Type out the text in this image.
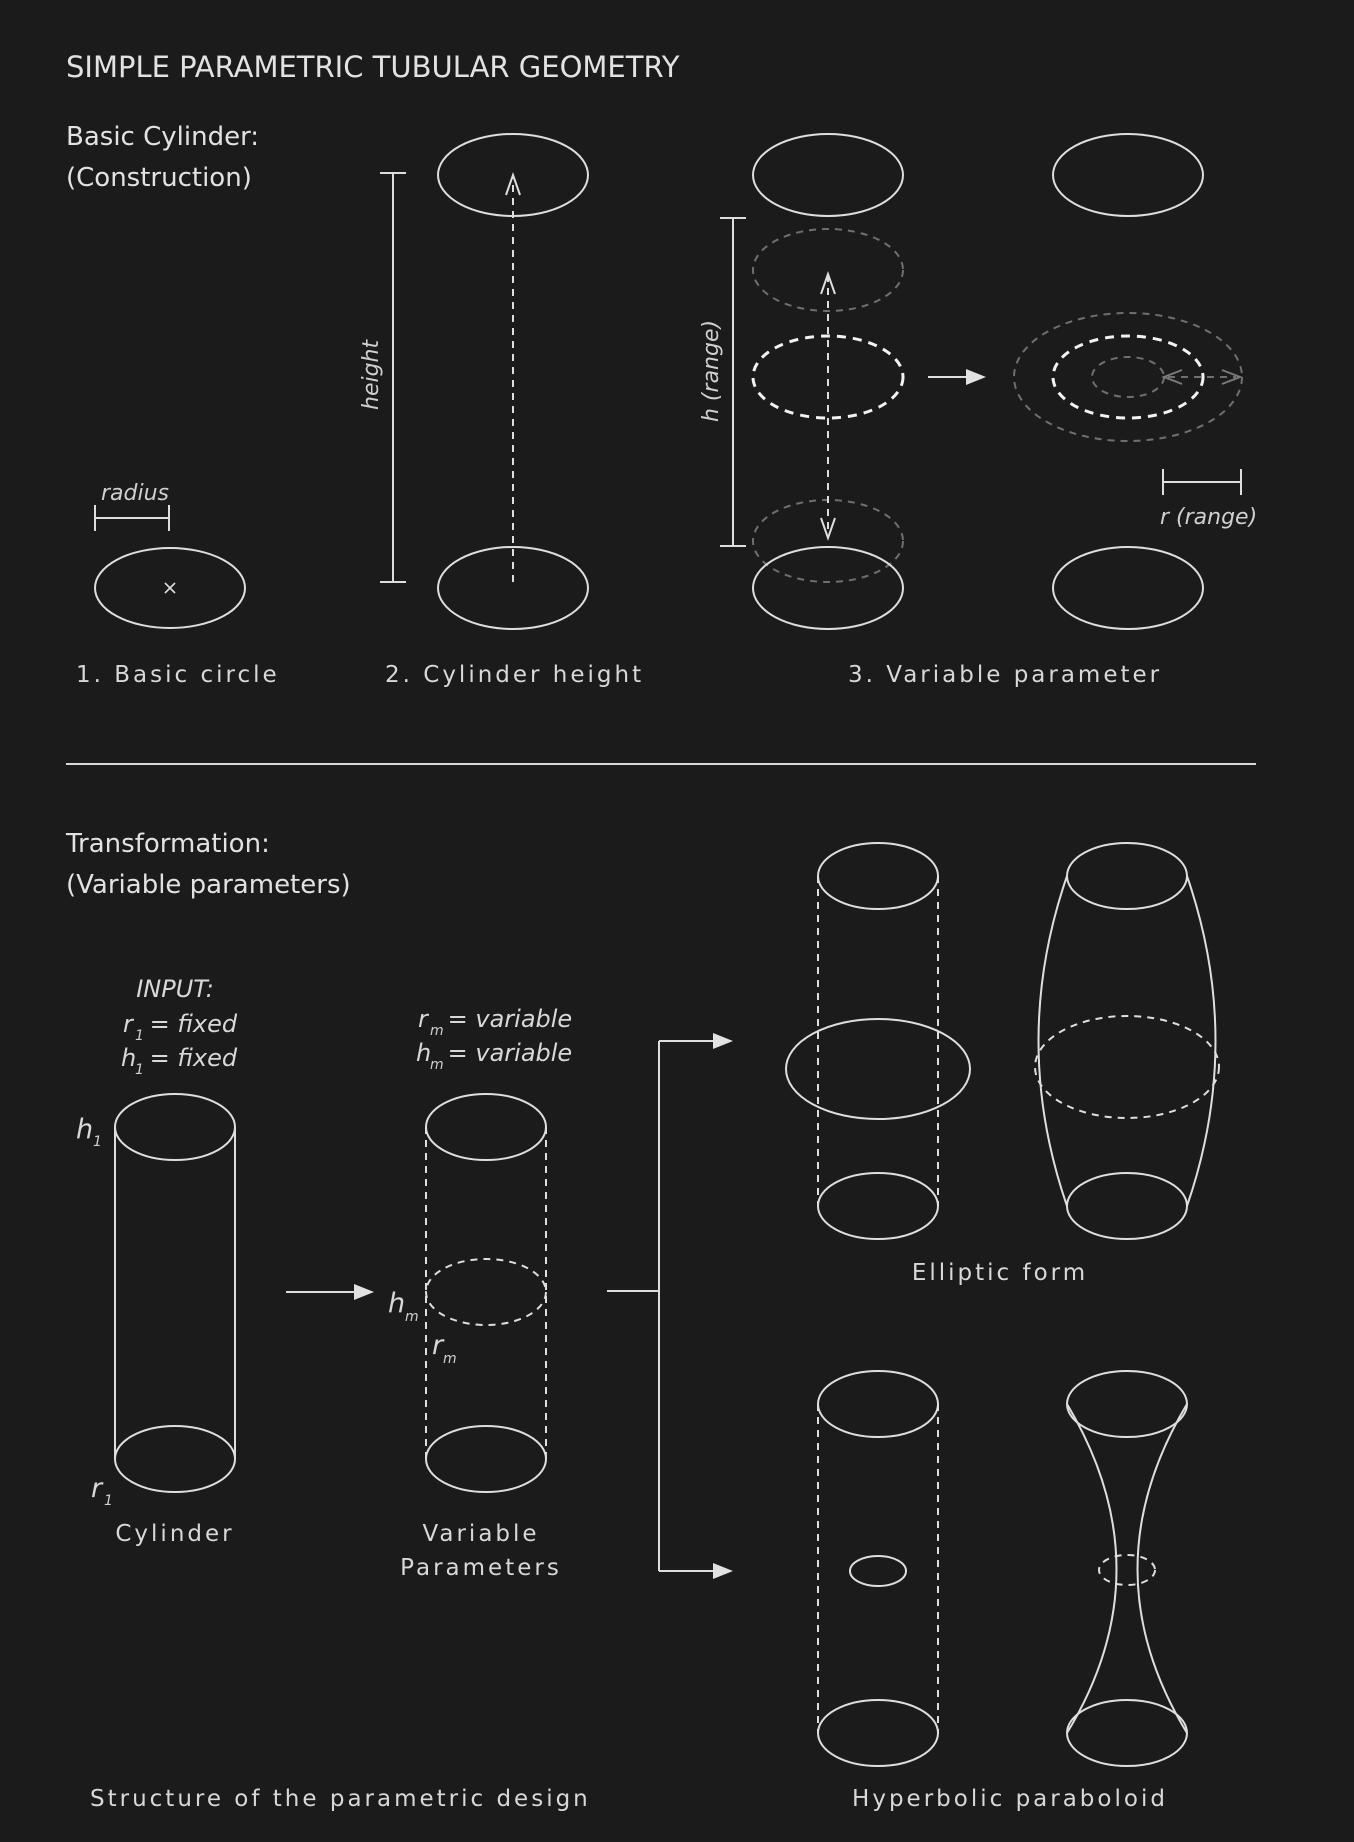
SIMPLE PARAMETRIC TUBULAR GEOMETRY
Basic Cylinder:
(Construction)
radius
1. Basic circle
height
2. Cylinder height
h (range)
r (range)
3. Variable parameter
Transformation:
(Variable parameters)
INPUT:
r 1
= fixed
h
1
= fixed
h 1
r 1
Cylinder
r m
= variable
h
m
= variable
h m
r m
Variable
Parameters
Elliptic form
Hyperbolic paraboloid
Structure of the parametric design
